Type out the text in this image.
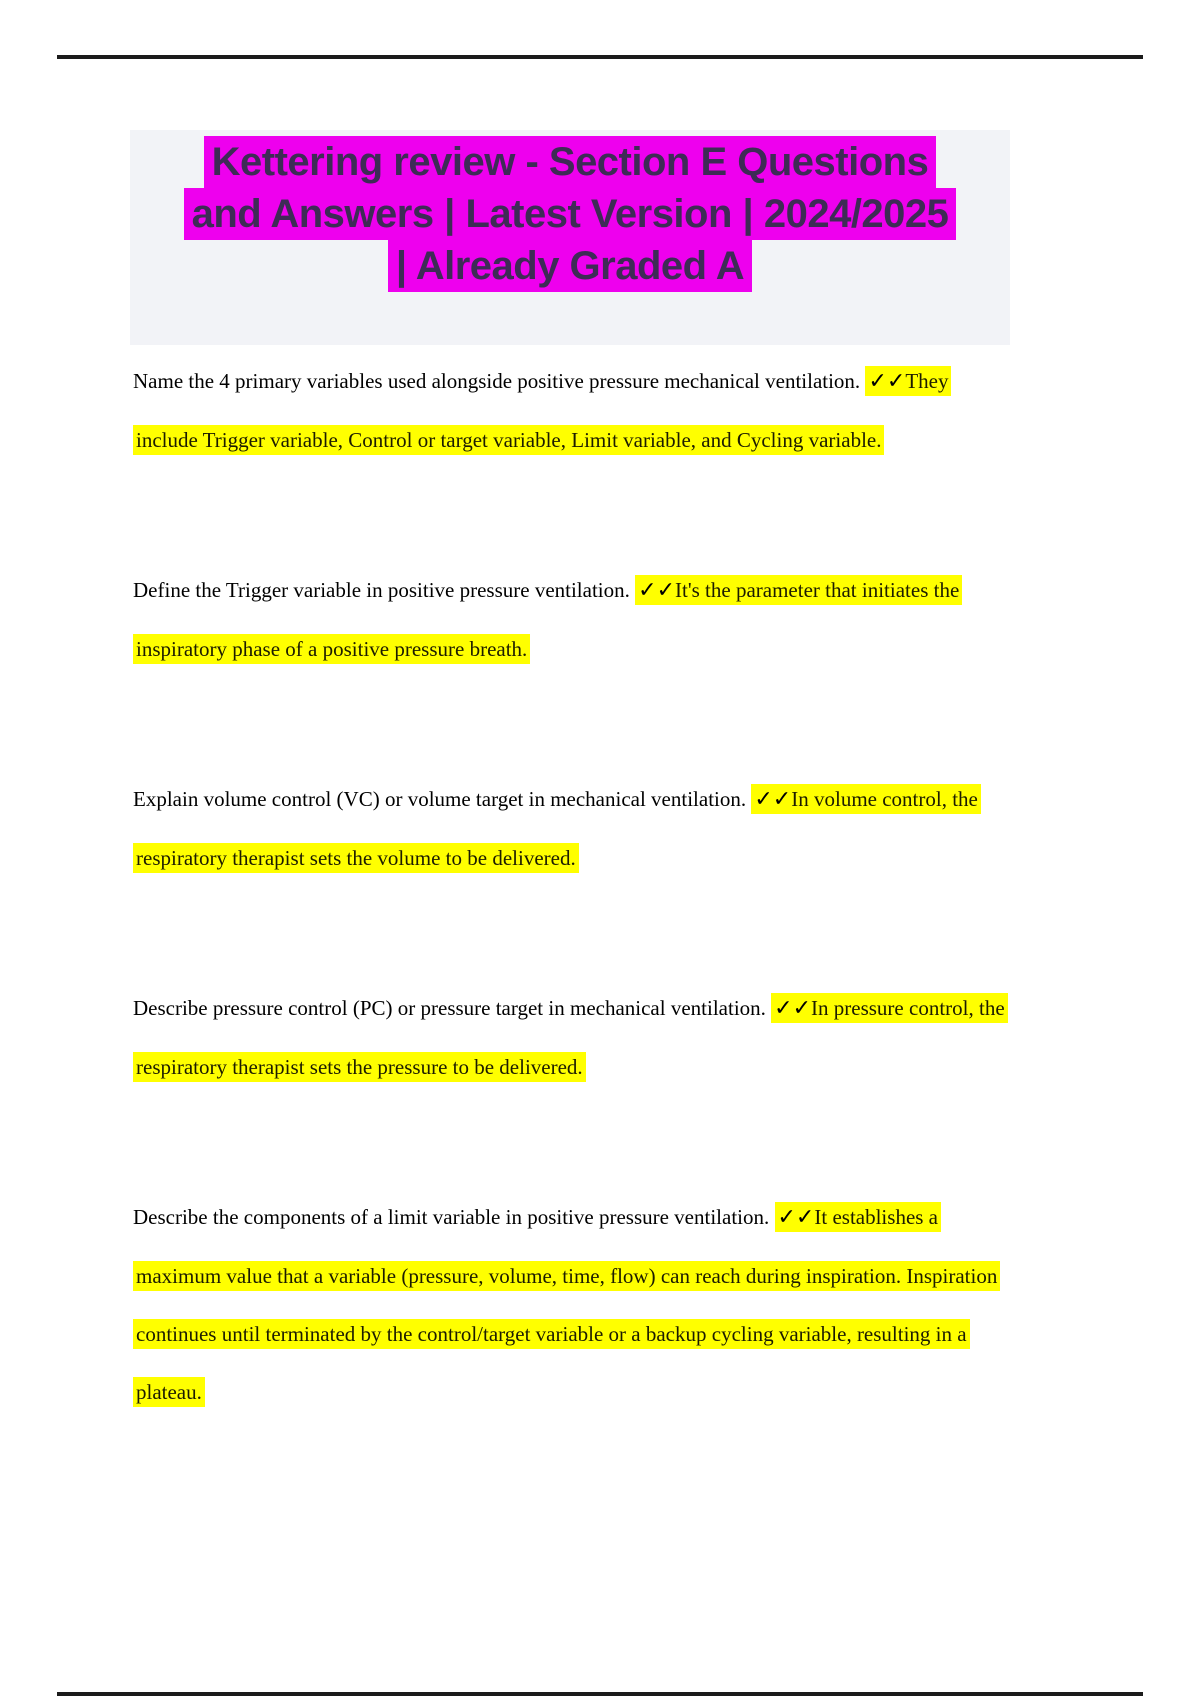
Kettering review - Section E Questions
and Answers | Latest Version | 2024/2025
| Already Graded A

Name the 4 primary variables used alongside positive pressure mechanical ventilation. ✓✓They include Trigger variable, Control or target variable, Limit variable, and Cycling variable.

Define the Trigger variable in positive pressure ventilation. ✓✓It's the parameter that initiates the inspiratory phase of a positive pressure breath.

Explain volume control (VC) or volume target in mechanical ventilation. ✓✓In volume control, the respiratory therapist sets the volume to be delivered.

Describe pressure control (PC) or pressure target in mechanical ventilation. ✓✓In pressure control, the respiratory therapist sets the pressure to be delivered.

Describe the components of a limit variable in positive pressure ventilation. ✓✓It establishes a maximum value that a variable (pressure, volume, time, flow) can reach during inspiration. Inspiration continues until terminated by the control/target variable or a backup cycling variable, resulting in a plateau.
